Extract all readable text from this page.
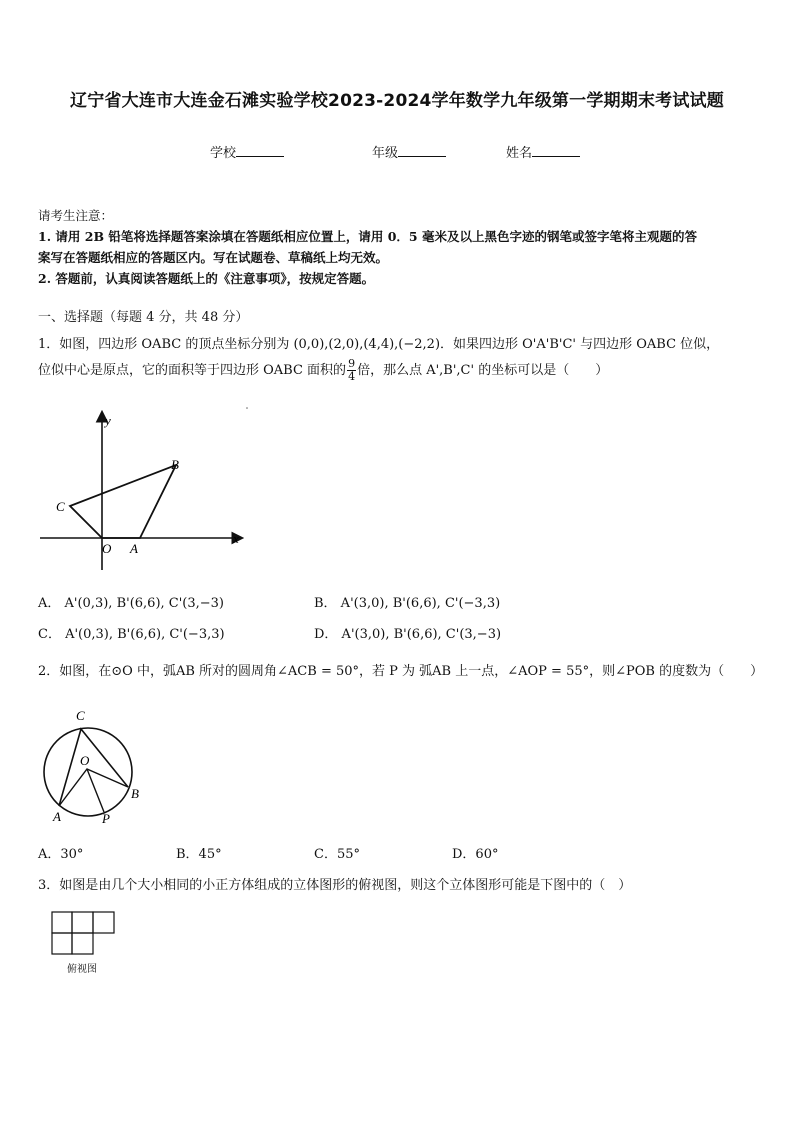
辽宁省大连市大连金石滩实验学校2023-2024学年数学九年级第一学期期末考试试题
学校	年级	姓名
请考生注意：
1. 请用 2B 铅笔将选择题答案涂填在答题纸相应位置上，请用 0．5 毫米及以上黑色字迹的钢笔或签字笔将主观题的答
案写在答题纸相应的答题区内。写在试题卷、草稿纸上均无效。
2. 答题前，认真阅读答题纸上的《注意事项》，按规定答题。
一、选择题（每题 4 分，共 48 分）
1．如图，四边形 OABC 的顶点坐标分别为 (0,0),(2,0),(4,4),(−2,2)．如果四边形 O'A'B'C' 与四边形 OABC 位似，
位似中心是原点，它的面积等于四边形 OABC 面积的 $\frac{9}{4}$ 倍，那么点 A',B',C' 的坐标可以是（　　）
y
x
O A
B
C
A． A'(0,3), B'(6,6), C'(3,−3)	B． A'(3,0), B'(6,6), C'(−3,3)
C． A'(0,3), B'(6,6), C'(−3,3)	D． A'(3,0), B'(6,6), C'(3,−3)
2．如图，在⊙O 中，弧AB 所对的圆周角∠ACB = 50°，若 P 为 弧AB 上一点，∠AOP = 55°，则∠POB 的度数为（　　）
C
O
A
B
P
A．30°	B．45°	C．55°	D．60°
3．如图是由几个大小相同的小正方体组成的立体图形的俯视图，则这个立体图形可能是下图中的（　）
俯视图
